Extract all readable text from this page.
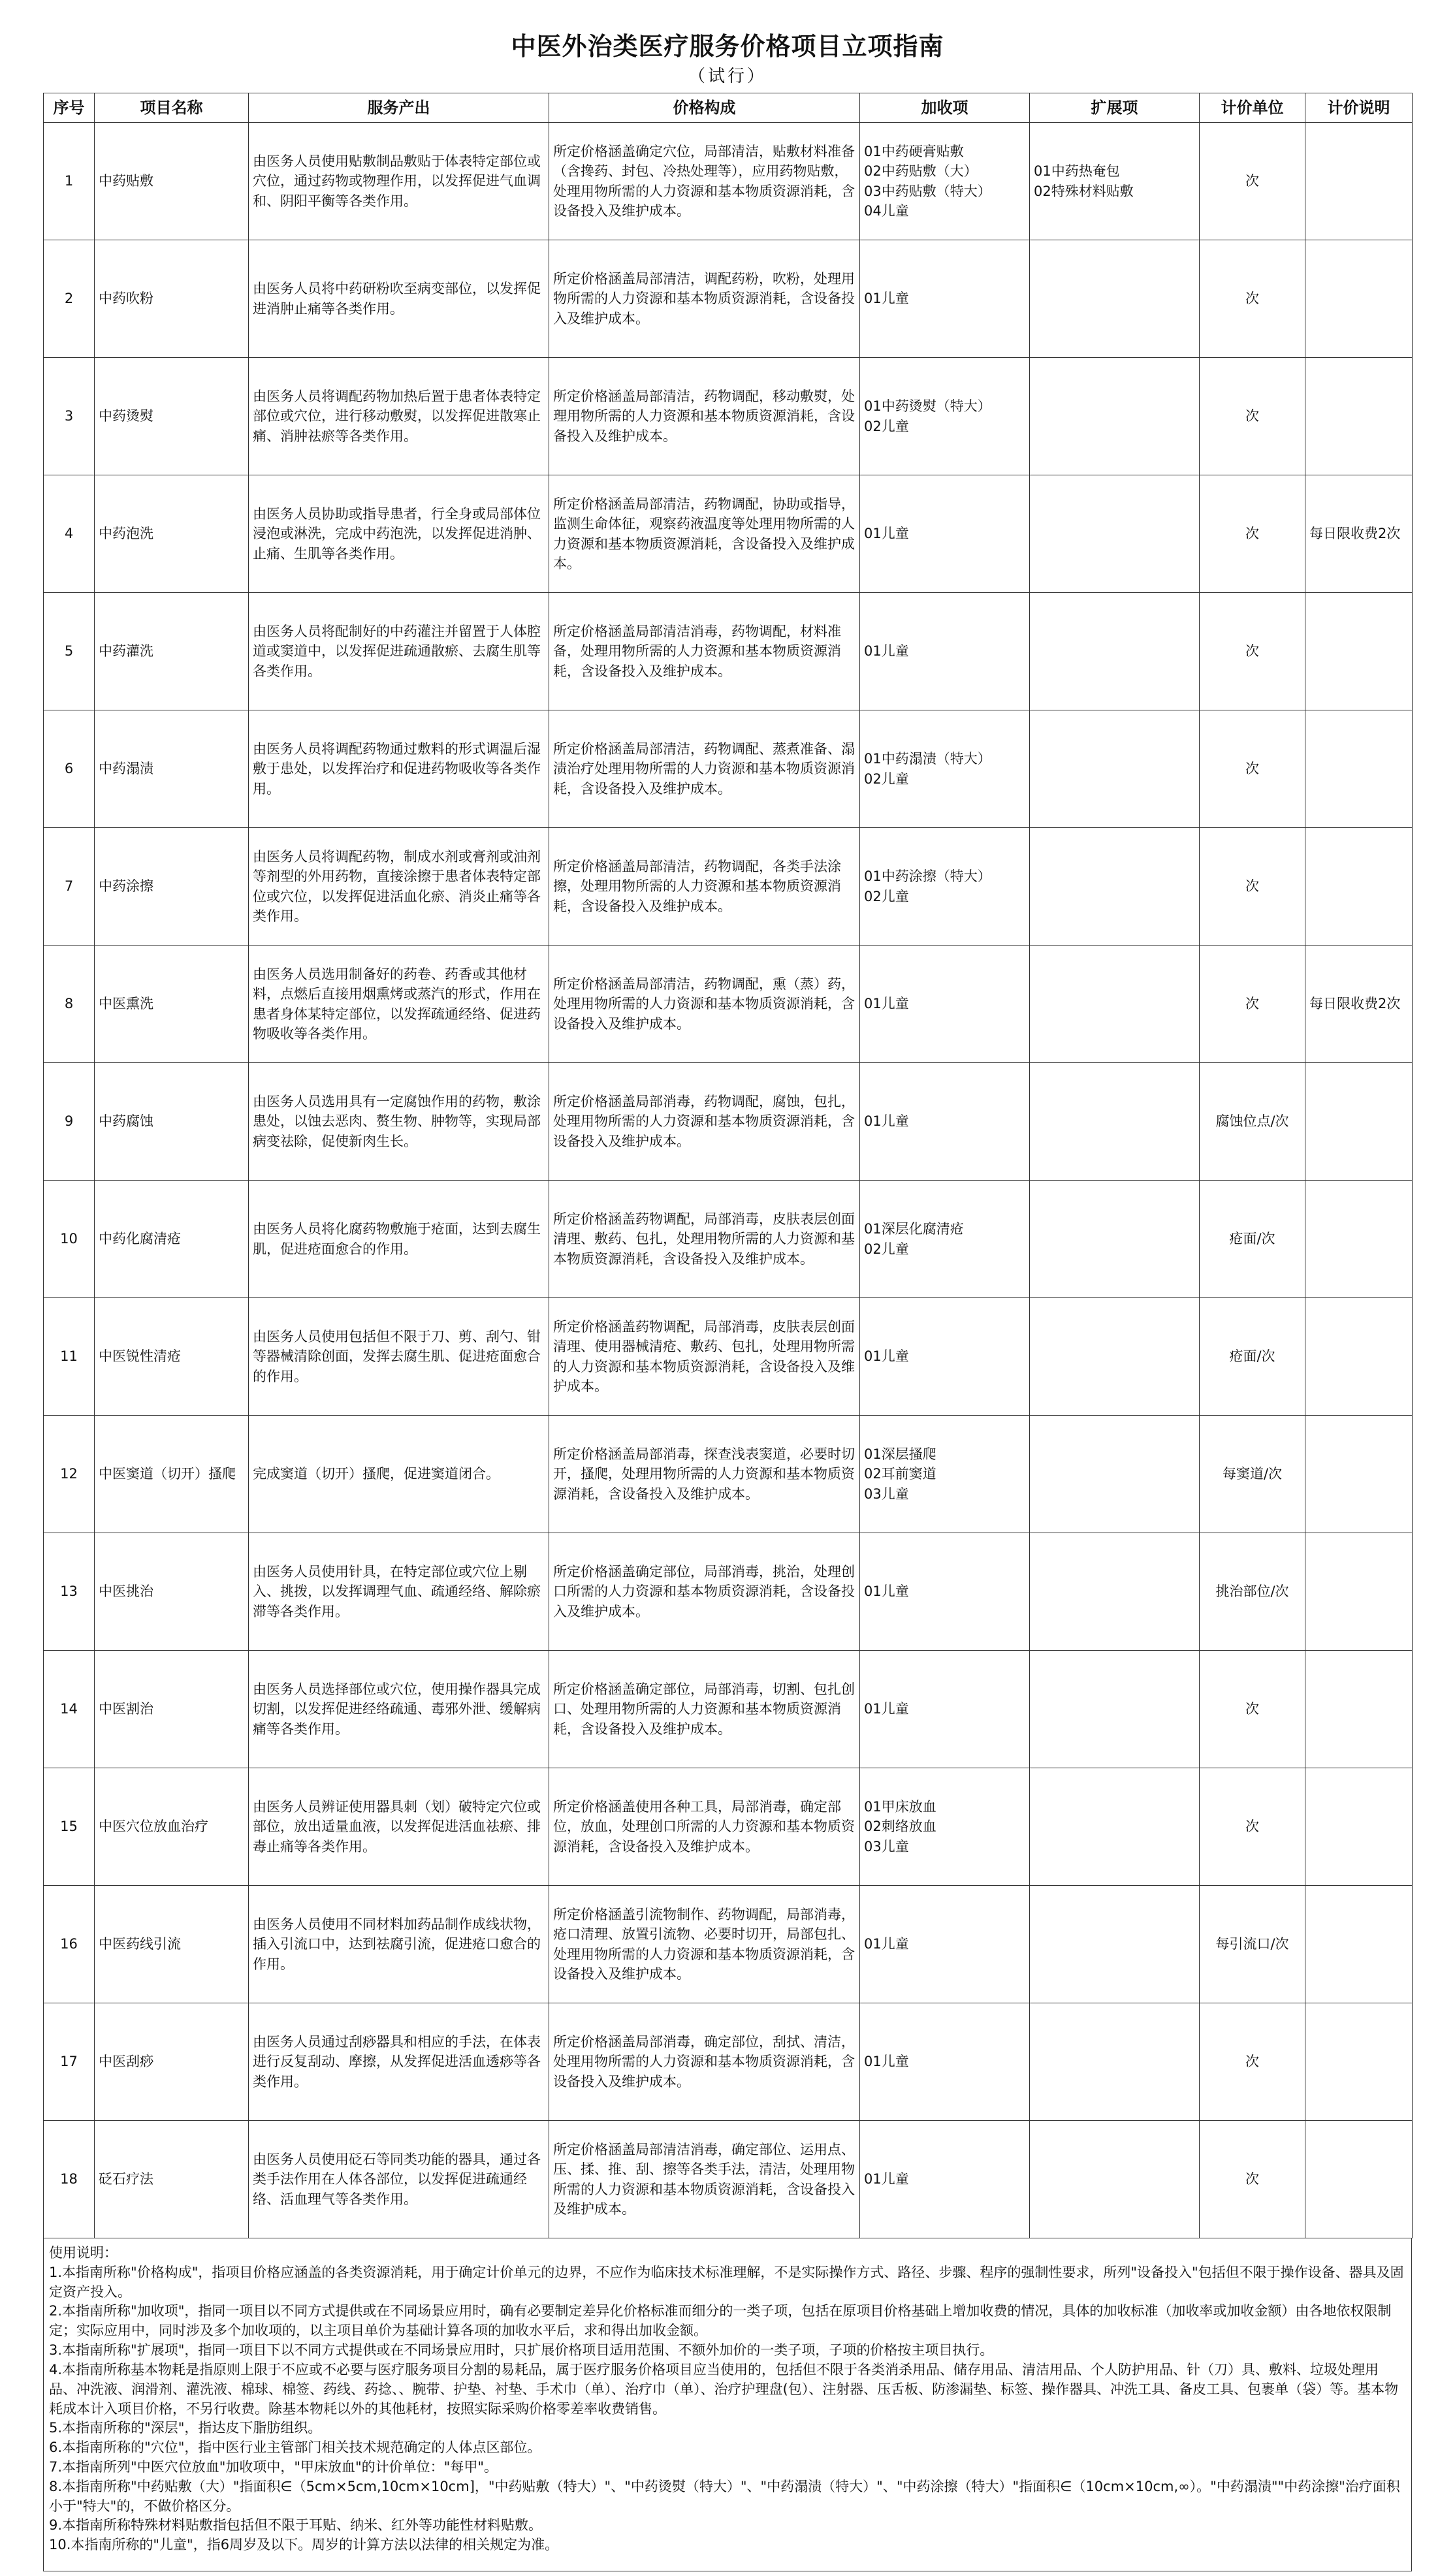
中医外治类医疗服务价格项目立项指南
（试行）
序号	项目名称	服务产出	价格构成	加收项	扩展项	计价单位	计价说明
1	中药贴敷	由医务人员使用贴敷制品敷贴于体表特定部位或穴位，通过药物或物理作用，以发挥促进气血调和、阴阳平衡等各类作用。	所定价格涵盖确定穴位，局部清洁，贴敷材料准备（含搀药、封包、冷热处理等），应用药物贴敷，处理用物所需的人力资源和基本物质资源消耗，含设备投入及维护成本。	01中药硬膏贴敷
02中药贴敷（大）
03中药贴敷（特大）
04儿童	01中药热奄包
02特殊材料贴敷	次	
2	中药吹粉	由医务人员将中药研粉吹至病变部位，以发挥促进消肿止痛等各类作用。	所定价格涵盖局部清洁，调配药粉，吹粉，处理用物所需的人力资源和基本物质资源消耗，含设备投入及维护成本。	01儿童		次	
3	中药烫熨	由医务人员将调配药物加热后置于患者体表特定部位或穴位，进行移动敷熨，以发挥促进散寒止痛、消肿祛瘀等各类作用。	所定价格涵盖局部清洁，药物调配，移动敷熨，处理用物所需的人力资源和基本物质资源消耗，含设备投入及维护成本。	01中药烫熨（特大）
02儿童		次	
4	中药泡洗	由医务人员协助或指导患者，行全身或局部体位浸泡或淋洗，完成中药泡洗，以发挥促进消肿、止痛、生肌等各类作用。	所定价格涵盖局部清洁，药物调配，协助或指导，监测生命体征，观察药液温度等处理用物所需的人力资源和基本物质资源消耗，含设备投入及维护成本。	01儿童		次	每日限收费2次
5	中药灌洗	由医务人员将配制好的中药灌注并留置于人体腔道或窦道中，以发挥促进疏通散瘀、去腐生肌等各类作用。	所定价格涵盖局部清洁消毒，药物调配，材料准备，处理用物所需的人力资源和基本物质资源消耗，含设备投入及维护成本。	01儿童		次	
6	中药溻渍	由医务人员将调配药物通过敷料的形式调温后湿敷于患处，以发挥治疗和促进药物吸收等各类作用。	所定价格涵盖局部清洁，药物调配、蒸煮准备、溻渍治疗处理用物所需的人力资源和基本物质资源消耗，含设备投入及维护成本。	01中药溻渍（特大）
02儿童		次	
7	中药涂擦	由医务人员将调配药物，制成水剂或膏剂或油剂等剂型的外用药物，直接涂擦于患者体表特定部位或穴位，以发挥促进活血化瘀、消炎止痛等各类作用。	所定价格涵盖局部清洁，药物调配，各类手法涂擦，处理用物所需的人力资源和基本物质资源消耗，含设备投入及维护成本。	01中药涂擦（特大）
02儿童		次	
8	中医熏洗	由医务人员选用制备好的药卷、药香或其他材料，点燃后直接用烟熏烤或蒸汽的形式，作用在患者身体某特定部位，以发挥疏通经络、促进药物吸收等各类作用。	所定价格涵盖局部清洁，药物调配，熏（蒸）药，处理用物所需的人力资源和基本物质资源消耗，含设备投入及维护成本。	01儿童		次	每日限收费2次
9	中药腐蚀	由医务人员选用具有一定腐蚀作用的药物，敷涂患处，以蚀去恶肉、赘生物、肿物等，实现局部病变祛除，促使新肉生长。	所定价格涵盖局部消毒，药物调配，腐蚀，包扎，处理用物所需的人力资源和基本物质资源消耗，含设备投入及维护成本。	01儿童		腐蚀位点/次	
10	中药化腐清疮	由医务人员将化腐药物敷施于疮面，达到去腐生肌，促进疮面愈合的作用。	所定价格涵盖药物调配，局部消毒，皮肤表层创面清理、敷药、包扎，处理用物所需的人力资源和基本物质资源消耗，含设备投入及维护成本。	01深层化腐清疮
02儿童		疮面/次	
11	中医锐性清疮	由医务人员使用包括但不限于刀、剪、刮勺、钳等器械清除创面，发挥去腐生肌、促进疮面愈合的作用。	所定价格涵盖药物调配，局部消毒，皮肤表层创面清理、使用器械清疮、敷药、包扎，处理用物所需的人力资源和基本物质资源消耗，含设备投入及维护成本。	01儿童		疮面/次	
12	中医窦道（切开）搔爬	完成窦道（切开）搔爬，促进窦道闭合。	所定价格涵盖局部消毒，探查浅表窦道，必要时切开，搔爬，处理用物所需的人力资源和基本物质资源消耗，含设备投入及维护成本。	01深层搔爬
02耳前窦道
03儿童		每窦道/次	
13	中医挑治	由医务人员使用针具，在特定部位或穴位上剔入、挑拨，以发挥调理气血、疏通经络、解除瘀滞等各类作用。	所定价格涵盖确定部位，局部消毒，挑治，处理创口所需的人力资源和基本物质资源消耗，含设备投入及维护成本。	01儿童		挑治部位/次	
14	中医割治	由医务人员选择部位或穴位，使用操作器具完成切割，以发挥促进经络疏通、毒邪外泄、缓解病痛等各类作用。	所定价格涵盖确定部位，局部消毒，切割、包扎创口、处理用物所需的人力资源和基本物质资源消耗，含设备投入及维护成本。	01儿童		次	
15	中医穴位放血治疗	由医务人员辨证使用器具刺（划）破特定穴位或部位，放出适量血液，以发挥促进活血祛瘀、排毒止痛等各类作用。	所定价格涵盖使用各种工具，局部消毒，确定部位，放血，处理创口所需的人力资源和基本物质资源消耗，含设备投入及维护成本。	01甲床放血
02刺络放血
03儿童		次	
16	中医药线引流	由医务人员使用不同材料加药品制作成线状物，插入引流口中，达到祛腐引流，促进疮口愈合的作用。	所定价格涵盖引流物制作、药物调配，局部消毒，疮口清理、放置引流物、必要时切开，局部包扎、处理用物所需的人力资源和基本物质资源消耗，含设备投入及维护成本。	01儿童		每引流口/次	
17	中医刮痧	由医务人员通过刮痧器具和相应的手法，在体表进行反复刮动、摩擦，从发挥促进活血透痧等各类作用。	所定价格涵盖局部消毒，确定部位，刮拭、清洁，处理用物所需的人力资源和基本物质资源消耗，含设备投入及维护成本。	01儿童		次	
18	砭石疗法	由医务人员使用砭石等同类功能的器具，通过各类手法作用在人体各部位，以发挥促进疏通经络、活血理气等各类作用。	所定价格涵盖局部清洁消毒，确定部位、运用点、压、揉、推、刮、擦等各类手法，清洁，处理用物所需的人力资源和基本物质资源消耗，含设备投入及维护成本。	01儿童		次	
使用说明：
1.本指南所称"价格构成"，指项目价格应涵盖的各类资源消耗，用于确定计价单元的边界，不应作为临床技术标准理解，不是实际操作方式、路径、步骤、程序的强制性要求，所列"设备投入"包括但不限于操作设备、器具及固定资产投入。
2.本指南所称"加收项"，指同一项目以不同方式提供或在不同场景应用时，确有必要制定差异化价格标准而细分的一类子项，包括在原项目价格基础上增加收费的情况，具体的加收标准（加收率或加收金额）由各地依权限制定；实际应用中，同时涉及多个加收项的，以主项目单价为基础计算各项的加收水平后，求和得出加收金额。
3.本指南所称"扩展项"，指同一项目下以不同方式提供或在不同场景应用时，只扩展价格项目适用范围、不额外加价的一类子项，子项的价格按主项目执行。
4.本指南所称基本物耗是指原则上限于不应或不必要与医疗服务项目分割的易耗品，属于医疗服务价格项目应当使用的，包括但不限于各类消杀用品、储存用品、清洁用品、个人防护用品、针（刀）具、敷料、垃圾处理用品、冲洗液、润滑剂、灌洗液、棉球、棉签、药线、药捻、、腕带、护垫、衬垫、手术巾（单）、治疗巾（单）、治疗护理盘(包）、注射器、压舌板、防渗漏垫、标签、操作器具、冲洗工具、备皮工具、包裹单（袋）等。基本物耗成本计入项目价格，不另行收费。除基本物耗以外的其他耗材，按照实际采购价格零差率收费销售。
5.本指南所称的"深层"，指达皮下脂肪组织。
6.本指南所称的"穴位"，指中医行业主管部门相关技术规范确定的人体点区部位。
7.本指南所列"中医穴位放血"加收项中，"甲床放血"的计价单位："每甲"。
8.本指南所称"中药贴敷（大）"指面积∈（5cm×5cm,10cm×10cm]，"中药贴敷（特大）"、"中药烫熨（特大）"、"中药溻渍（特大）"、"中药涂擦（特大）"指面积∈（10cm×10cm,∞）。"中药溻渍""中药涂擦"治疗面积小于"特大"的，不做价格区分。
9.本指南所称特殊材料贴敷指包括但不限于耳贴、纳米、红外等功能性材料贴敷。
10.本指南所称的"儿童"，指6周岁及以下。周岁的计算方法以法律的相关规定为准。
